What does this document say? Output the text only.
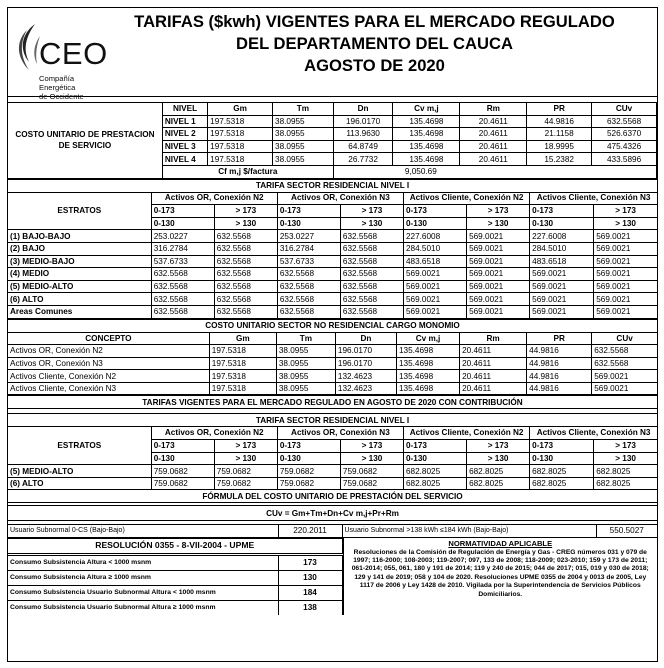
CEO
Compañía Energética
de Occidente
TARIFAS ($kwh) VIGENTES PARA EL MERCADO REGULADO
DEL DEPARTAMENTO DEL CAUCA
AGOSTO DE 2020
COSTO UNITARIO DE PRESTACION DE SERVICIO	NIVEL	Gm	Tm	Dn	Cv m,j	Rm	PR	CUv
	NIVEL 1	197.5318	38.0955	196.0170	135.4698	20.4611	44.9816	632.5568
	NIVEL 2	197.5318	38.0955	113.9630	135.4698	20.4611	21.1158	526.6370
	NIVEL 3	197.5318	38.0955	64.8749	135.4698	20.4611	18.9995	475.4326
	NIVEL 4	197.5318	38.0955	26.7732	135.4698	20.4611	15.2382	433.5896
	Cf m,j $/factura			9,050.69				
TARIFA SECTOR RESIDENCIAL NIVEL I								
ESTRATOS	Activos OR, Conexión N2		Activos OR, Conexión N3		Activos Cliente, Conexión N2		Activos Cliente, Conexión N3	
	0-173	> 173	0-173	> 173	0-173	> 173	0-173	> 173
	0-130	> 130	0-130	> 130	0-130	> 130	0-130	> 130
(1) BAJO-BAJO	253.0227	632.5568	253.0227	632.5568	227.6008	569.0021	227.6008	569.0021
(2) BAJO	316.2784	632.5568	316.2784	632.5568	284.5010	569.0021	284.5010	569.0021
(3) MEDIO-BAJO	537.6733	632.5568	537.6733	632.5568	483.6518	569.0021	483.6518	569.0021
(4) MEDIO	632.5568	632.5568	632.5568	632.5568	569.0021	569.0021	569.0021	569.0021
(5) MEDIO-ALTO	632.5568	632.5568	632.5568	632.5568	569.0021	569.0021	569.0021	569.0021
(6) ALTO	632.5568	632.5568	632.5568	632.5568	569.0021	569.0021	569.0021	569.0021
Areas Comunes	632.5568	632.5568	632.5568	632.5568	569.0021	569.0021	569.0021	569.0021
COSTO UNITARIO SECTOR NO RESIDENCIAL CARGO MONOMIO							
CONCEPTO	Gm	Tm	Dn	Cv m,j	Rm	PR	CUv
Activos OR, Conexión N2	197.5318	38.0955	196.0170	135.4698	20.4611	44.9816	632.5568
Activos OR, Conexión N3	197.5318	38.0955	196.0170	135.4698	20.4611	44.9816	632.5568
Activos Cliente, Conexión N2	197.5318	38.0955	132.4623	135.4698	20.4611	44.9816	569.0021
Activos Cliente, Conexión N3	197.5318	38.0955	132.4623	135.4698	20.4611	44.9816	569.0021
TARIFAS VIGENTES PARA EL MERCADO REGULADO EN AGOSTO DE 2020 CON CONTRIBUCIÓN								

TARIFA SECTOR RESIDENCIAL NIVEL I								
ESTRATOS	Activos OR, Conexión N2		Activos OR, Conexión N3		Activos Cliente, Conexión N2		Activos Cliente, Conexión N3	
	0-173	> 173	0-173	> 173	0-173	> 173	0-173	> 173
	0-130	> 130	0-130	> 130	0-130	> 130	0-130	> 130
(5) MEDIO-ALTO	759.0682	759.0682	759.0682	759.0682	682.8025	682.8025	682.8025	682.8025
(6) ALTO	759.0682	759.0682	759.0682	759.0682	682.8025	682.8025	682.8025	682.8025
FÓRMULA DEL COSTO UNITARIO DE PRESTACIÓN DEL SERVICIO								

CUv = Gm+Tm+Dn+Cv m,j+Pr+Rm								

Usuario Subnormal 0-CS (Bajo-Bajo)	220.2011	Usuario Subnormal >138 kWh ≤184 kWh (Bajo-Bajo)	550.5027
RESOLUCIÓN 0355 - 8-VII-2004 - UPME	

Consumo Subsistencia Altura < 1000 msnm	173
Consumo Subsistencia Altura ≥ 1000 msnm	130
Consumo Subsistencia Usuario Subnormal Altura < 1000 msnm	184
Consumo Subsistencia Usuario Subnormal Altura ≥ 1000 msnm	138
NORMATIVIDAD APLICABLE
Resoluciones de la Comisión de Regulación de Energía y Gas - CREG números 031 y 079 de 1997; 116-2000; 108-2003; 119-2007; 097, 133 de 2008; 118-2009; 023-2010; 159 y 173 de 2011; 061-2014; 055, 061, 180 y 191 de 2014; 119 y 240 de 2015; 044 de 2017; 015, 019 y 030 de 2018; 129 y 141 de 2019; 058 y 104 de 2020. Resoluciones UPME 0355 de 2004 y 0013 de 2005, Ley 1117 de 2006 y Ley 1428 de 2010. Vigilada por la Superintendencia de Servicios Públicos Domiciliarios.
